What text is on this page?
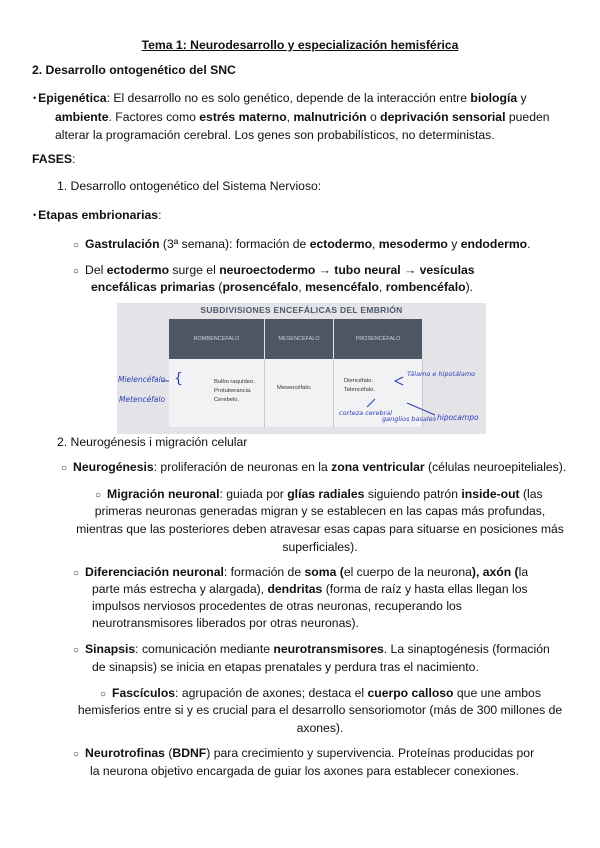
Tema 1: Neurodesarrollo y especialización hemisférica
2. Desarrollo ontogenético del SNC
• Epigenética: El desarrollo no es solo genético, depende de la interacción entre biología y
ambiente. Factores como estrés materno, malnutrición o deprivación sensorial pueden
alterar la programación cerebral. Los genes son probabilísticos, no deterministas.
FASES:
1. Desarrollo ontogenético del Sistema Nervioso:
• Etapas embrionarias:
○ Gastrulación (3ª semana): formación de ectodermo, mesodermo y endodermo.
○ Del ectodermo surge el neuroectodermo → tubo neural → vesículas
encefálicas primarias (prosencéfalo, mesencéfalo, rombencéfalo).
SUBDIVISIONES ENCEFÁLICAS DEL EMBRIÓN
ROMBENCÉFALO	MESENCÉFALO	PROSENCÉFALO
Bulbo raquídeo.
Protuberancia.
Cerebelo.
Mesencéfalo.
Diencéfalo.
Telencéfalo.
Mielencéfalo
Metencéfalo
{	Tálamo e hipotálamo
corteza cerebral
ganglios basales hipocampo
2. Neurogénesis i migración celular
○ Neurogénesis: proliferación de neuronas en la zona ventricular (células neuroepiteliales).
○ Migración neuronal: guiada por glías radiales siguiendo patrón inside-out (las
primeras neuronas generadas migran y se establecen en las capas más profundas,
mientras que las posteriores deben atravesar esas capas para situarse en posiciones más
superficiales).
○ Diferenciación neuronal: formación de soma (el cuerpo de la neurona), axón (la
parte más estrecha y alargada), dendritas (forma de raíz y hasta ellas llegan los
impulsos nerviosos procedentes de otras neuronas, recuperando los
neurotransmisores liberados por otras neuronas).
○ Sinapsis: comunicación mediante neurotransmisores. La sinaptogénesis (formación
de sinapsis) se inicia en etapas prenatales y perdura tras el nacimiento.
○ Fascículos: agrupación de axones; destaca el cuerpo calloso que une ambos
hemisferios entre si y es crucial para el desarrollo sensoriomotor (más de 300 millones de
axones).
○ Neurotrofinas (BDNF) para crecimiento y supervivencia. Proteínas producidas por
la neurona objetivo encargada de guiar los axones para establecer conexiones.
